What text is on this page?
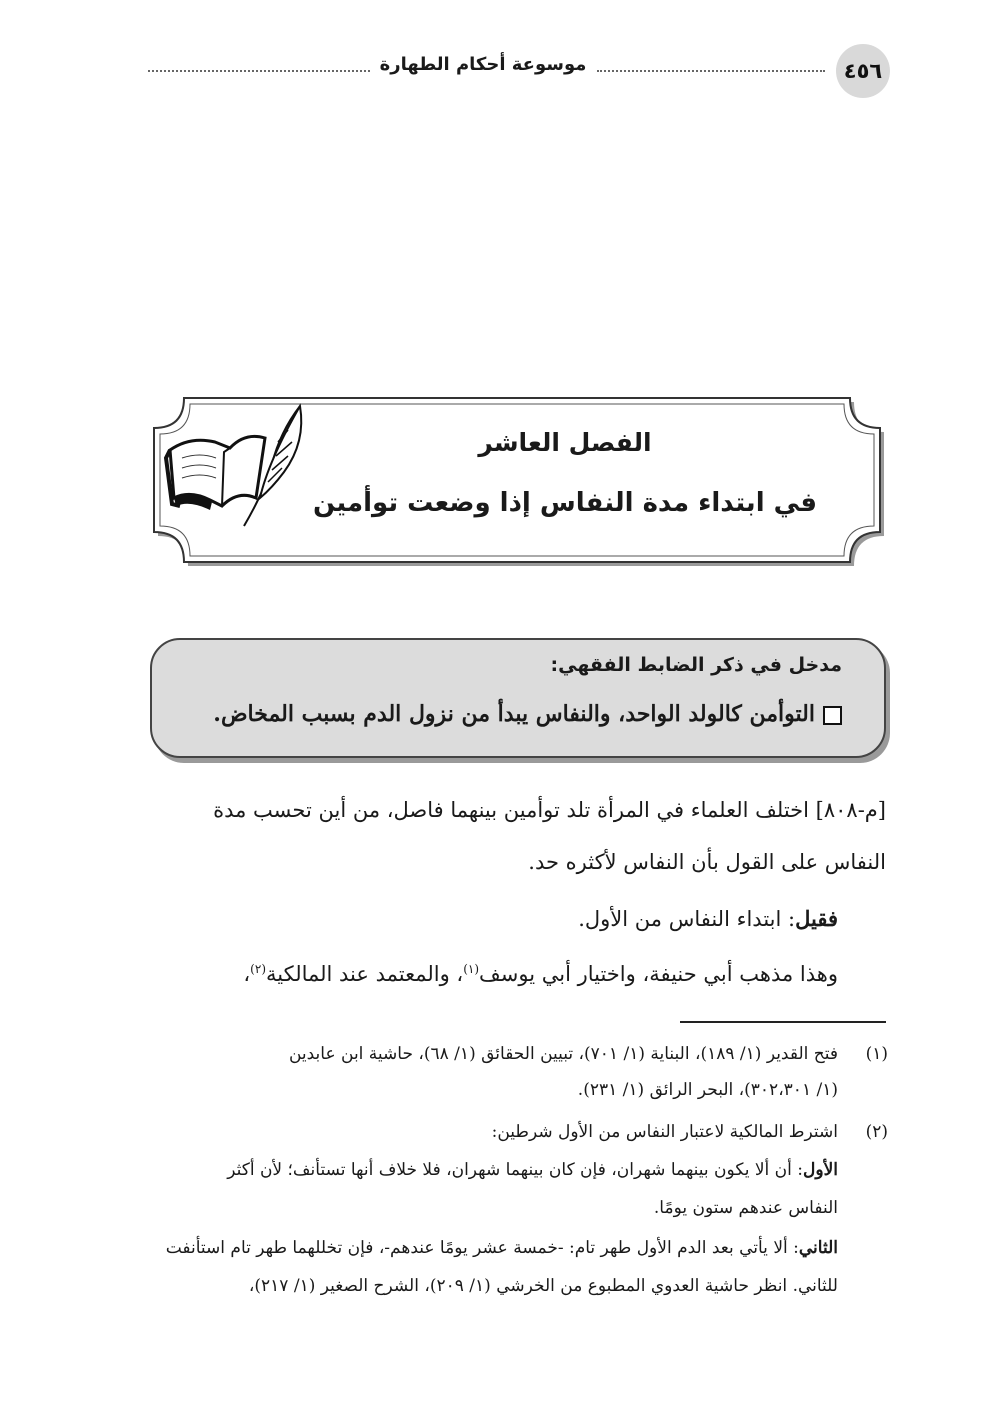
٤٥٦
موسوعة أحكام الطهارة
الفصل العاشر
في ابتداء مدة النفاس إذا وضعت توأمين
مدخل في ذكر الضابط الفقهي:
التوأمن كالولد الواحد، والنفاس يبدأ من نزول الدم بسبب المخاض.
[م-٨٠٨] اختلف العلماء في المرأة تلد توأمين بينهما فاصل، من أين تحسب مدة
النفاس على القول بأن النفاس لأكثره حد.
فقيل: ابتداء النفاس من الأول.
وهذا مذهب أبي حنيفة، واختيار أبي يوسف$^{(١)}$، والمعتمد عند المالكية$^{(٢)}$،
(١)
فتح القدير (١/ ١٨٩)، البناية (١/ ٧٠١)، تبيين الحقائق (١/ ٦٨)، حاشية ابن عابدين
(١/ ٣٠٢،٣٠١)، البحر الرائق (١/ ٢٣١).
(٢)
اشترط المالكية لاعتبار النفاس من الأول شرطين:
الأول: أن ألا يكون بينهما شهران، فإن كان بينهما شهران، فلا خلاف أنها تستأنف؛ لأن أكثر
النفاس عندهم ستون يومًا.
الثاني: ألا يأتي بعد الدم الأول طهر تام: -خمسة عشر يومًا عندهم-، فإن تخللهما طهر تام استأنفت
للثاني. انظر حاشية العدوي المطبوع من الخرشي (١/ ٢٠٩)، الشرح الصغير (١/ ٢١٧)،
